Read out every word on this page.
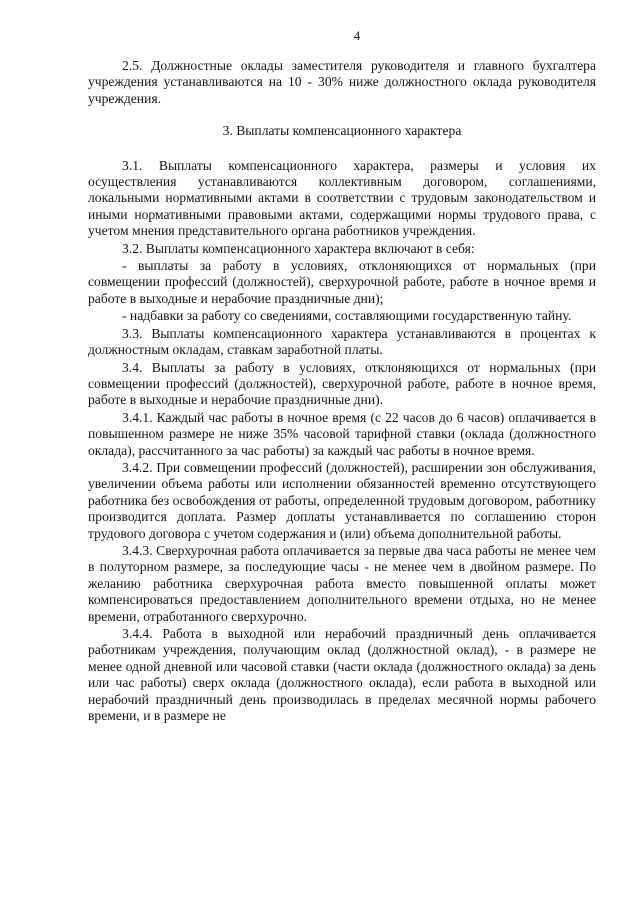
4

2.5. Должностные оклады заместителя руководителя и главного бухгалтера учреждения устанавливаются на 10 - 30% ниже должностного оклада руководителя учреждения.

3. Выплаты компенсационного характера

3.1. Выплаты компенсационного характера, размеры и условия их осуществления устанавливаются коллективным договором, соглашениями, локальными нормативными актами в соответствии с трудовым законодательством и иными нормативными правовыми актами, содержащими нормы трудового права, с учетом мнения представительного органа работников учреждения.

3.2. Выплаты компенсационного характера включают в себя:

- выплаты за работу в условиях, отклоняющихся от нормальных (при совмещении профессий (должностей), сверхурочной работе, работе в ночное время и работе в выходные и нерабочие праздничные дни);

- надбавки за работу со сведениями, составляющими государственную тайну.

3.3. Выплаты компенсационного характера устанавливаются в процентах к должностным окладам, ставкам заработной платы.

3.4. Выплаты за работу в условиях, отклоняющихся от нормальных (при совмещении профессий (должностей), сверхурочной работе, работе в ночное время, работе в выходные и нерабочие праздничные дни).

3.4.1. Каждый час работы в ночное время (с 22 часов до 6 часов) оплачивается в повышенном размере не ниже 35% часовой тарифной ставки (оклада (должностного оклада), рассчитанного за час работы) за каждый час работы в ночное время.

3.4.2. При совмещении профессий (должностей), расширении зон обслуживания, увеличении объема работы или исполнении обязанностей временно отсутствующего работника без освобождения от работы, определенной трудовым договором, работнику производится доплата. Размер доплаты устанавливается по соглашению сторон трудового договора с учетом содержания и (или) объема дополнительной работы.

3.4.3. Сверхурочная работа оплачивается за первые два часа работы не менее чем в полуторном размере, за последующие часы - не менее чем в двойном размере. По желанию работника сверхурочная работа вместо повышенной оплаты может компенсироваться предоставлением дополнительного времени отдыха, но не менее времени, отработанного сверхурочно.

3.4.4. Работа в выходной или нерабочий праздничный день оплачивается работникам учреждения, получающим оклад (должностной оклад), - в размере не менее одной дневной или часовой ставки (части оклада (должностного оклада) за день или час работы) сверх оклада (должностного оклада), если работа в выходной или нерабочий праздничный день производилась в пределах месячной нормы рабочего времени, и в размере не
